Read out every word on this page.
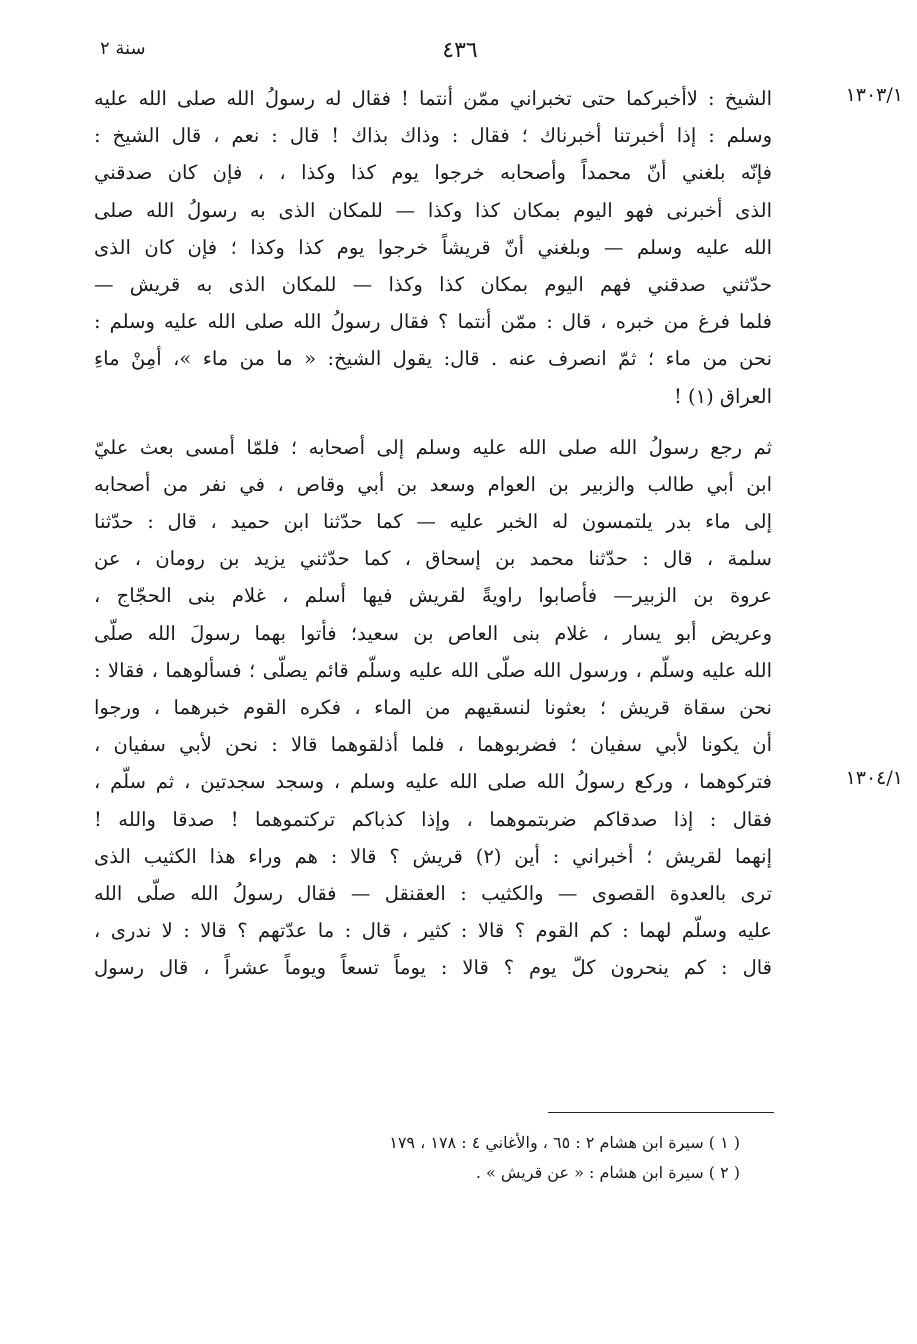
٤٣٦
سنة ٢
١٣٠٣/١
١٣٠٤/١
الشيخ : لاأخبركما حتى تخبراني ممّن أنتما ! فقال له رسولُ الله صلى الله عليه
وسلم : إذا أخبرتنا أخبرناك ؛ فقال : وذاك بذاك ! قال : نعم ، قال الشيخ :
فإنّه بلغني أنّ محمداً وأصحابه خرجوا يوم كذا وكذا ، ، فإن كان صدقني
الذى أخبرنى فهو اليوم بمكان كذا وكذا — للمكان الذى به رسولُ الله صلى
الله عليه وسلم — وبلغني أنّ قريشاً خرجوا يوم كذا وكذا ؛ فإن كان الذى
حدّثني صدقني فهم اليوم بمكان كذا وكذا — للمكان الذى به قريش —
فلما فرغ من خبره ، قال : ممّن أنتما ؟ فقال رسولُ الله صلى الله عليه وسلم :
نحن من ماء ؛ ثمّ انصرف عنه . قال: يقول الشيخ: « ما من ماء »، أمِنْ ماءِ
العراق (١) !
ثم رجع رسولُ الله صلى الله عليه وسلم إلى أصحابه ؛ فلمّا أمسى بعث عليّ
ابن أبي طالب والزبير بن العوام وسعد بن أبي وقاص ، في نفر من أصحابه
إلى ماء بدر يلتمسون له الخبر عليه — كما حدّثنا ابن حميد ، قال : حدّثنا
سلمة ، قال : حدّثنا محمد بن إسحاق ، كما حدّثني يزيد بن رومان ، عن
عروة بن الزبير— فأصابوا راويةً لقريش فيها أسلم ، غلام بنى الحجّاج ،
وعريض أبو يسار ، غلام بنى العاص بن سعيد؛ فأتوا بهما رسولَ الله صلّى
الله عليه وسلّم ، ورسول الله صلّى الله عليه وسلّم قائم يصلّى ؛ فسألوهما ، فقالا :
نحن سقاة قريش ؛ بعثونا لنسقيهم من الماء ، فكره القوم خبرهما ، ورجوا
أن يكونا لأبي سفيان ؛ فضربوهما ، فلما أذلقوهما قالا : نحن لأبي سفيان ،
فتركوهما ، وركع رسولُ الله صلى الله عليه وسلم ، وسجد سجدتين ، ثم سلّم ،
فقال : إذا صدقاكم ضربتموهما ، وإذا كذباكم تركتموهما ! صدقا والله !
إنهما لقريش ؛ أخبراني : أين (٢) قريش ؟ قالا : هم وراء هذا الكثيب الذى
ترى بالعدوة القصوى — والكثيب : العقنقل — فقال رسولُ الله صلّى الله
عليه وسلّم لهما : كم القوم ؟ قالا : كثير ، قال : ما عدّتهم ؟ قالا : لا ندرى ،
قال : كم ينحرون كلّ يوم ؟ قالا : يوماً تسعاً ويوماً عشراً ، قال رسول
( ١ ) سيرة ابن هشام ٢ : ٦٥ ، والأغاني ٤ : ١٧٨ ، ١٧٩
( ٢ ) سيرة ابن هشام : « عن قريش » .
